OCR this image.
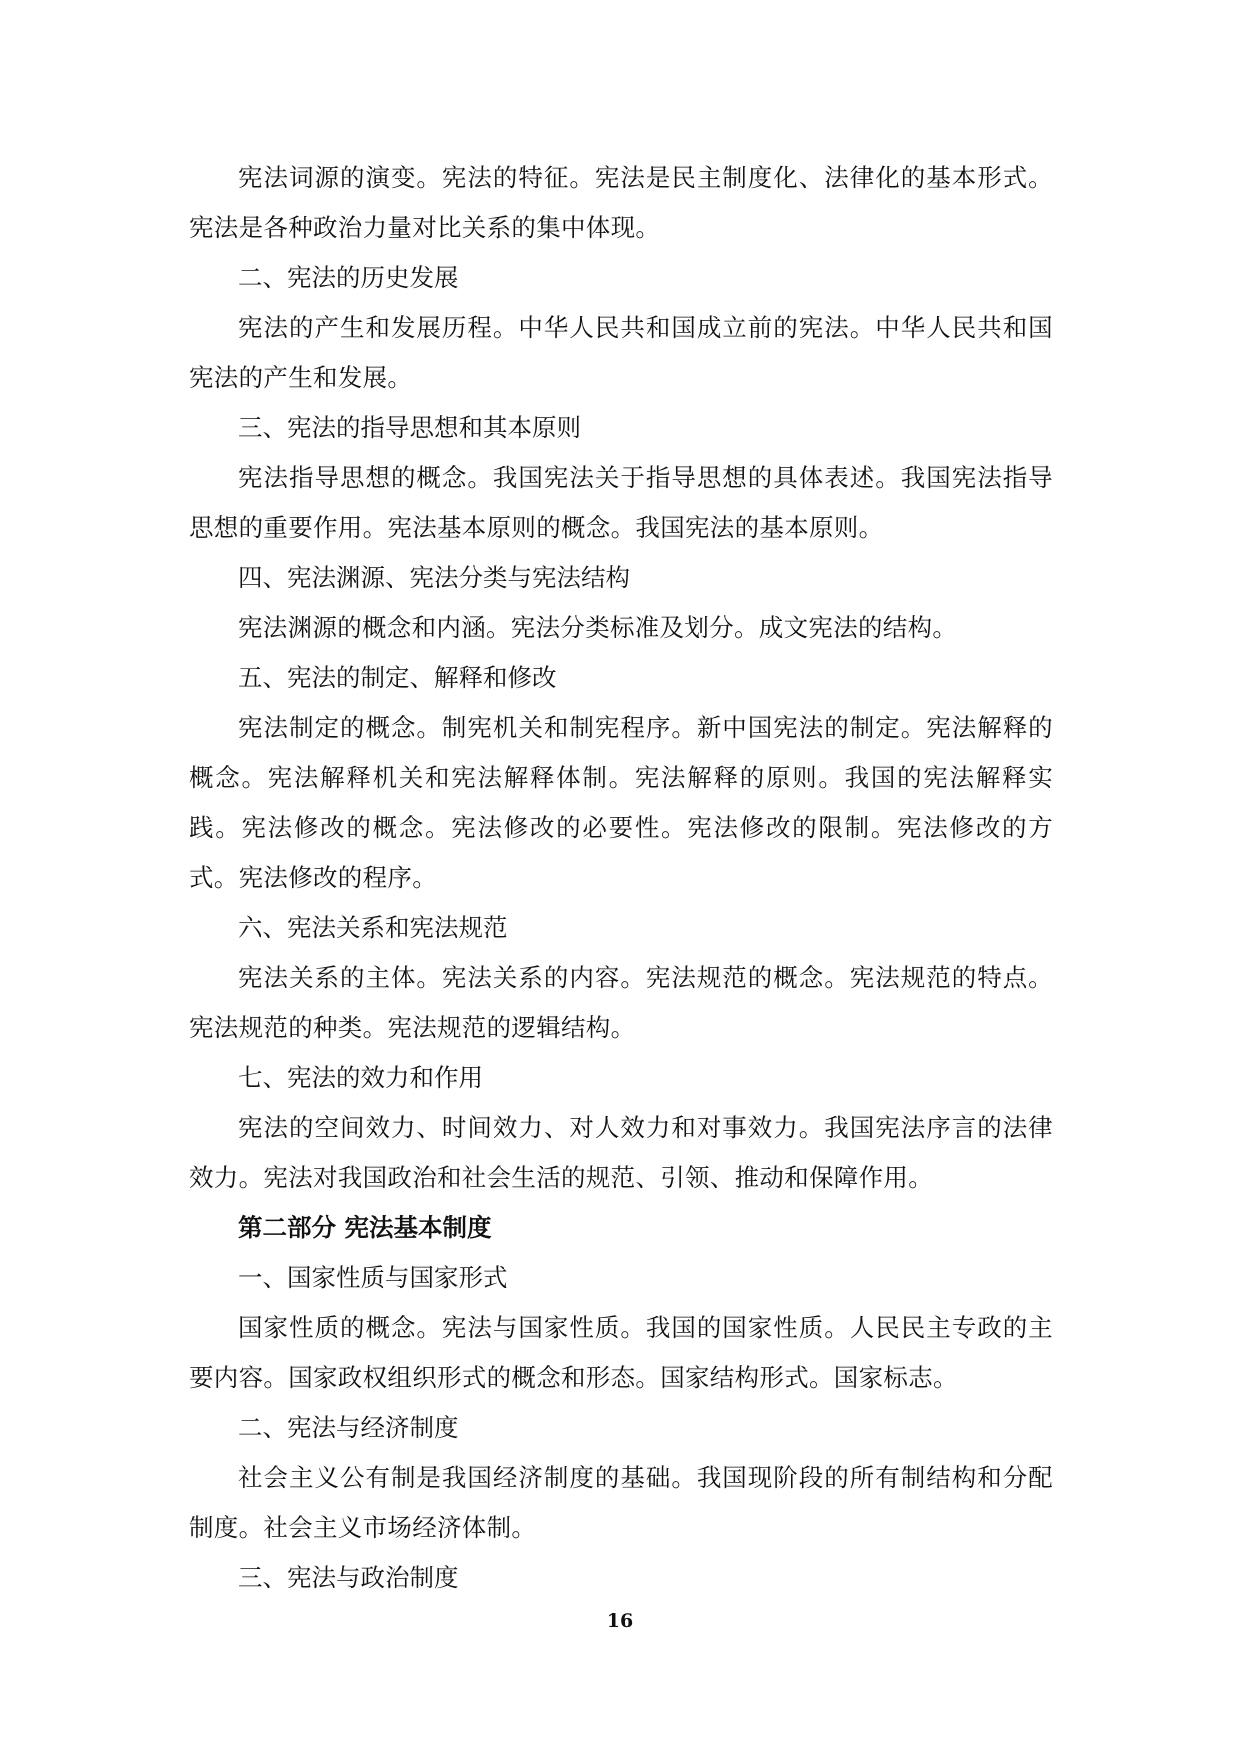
宪法词源的演变。宪法的特征。宪法是民主制度化、法律化的基本形式。宪法是各种政治力量对比关系的集中体现。

二、宪法的历史发展

宪法的产生和发展历程。中华人民共和国成立前的宪法。中华人民共和国宪法的产生和发展。

三、宪法的指导思想和其本原则

宪法指导思想的概念。我国宪法关于指导思想的具体表述。我国宪法指导思想的重要作用。宪法基本原则的概念。我国宪法的基本原则。

四、宪法渊源、宪法分类与宪法结构

宪法渊源的概念和内涵。宪法分类标准及划分。成文宪法的结构。

五、宪法的制定、解释和修改

宪法制定的概念。制宪机关和制宪程序。新中国宪法的制定。宪法解释的概念。宪法解释机关和宪法解释体制。宪法解释的原则。我国的宪法解释实践。宪法修改的概念。宪法修改的必要性。宪法修改的限制。宪法修改的方式。宪法修改的程序。

六、宪法关系和宪法规范

宪法关系的主体。宪法关系的内容。宪法规范的概念。宪法规范的特点。宪法规范的种类。宪法规范的逻辑结构。

七、宪法的效力和作用

宪法的空间效力、时间效力、对人效力和对事效力。我国宪法序言的法律效力。宪法对我国政治和社会生活的规范、引领、推动和保障作用。

第二部分 宪法基本制度

一、国家性质与国家形式

国家性质的概念。宪法与国家性质。我国的国家性质。人民民主专政的主要内容。国家政权组织形式的概念和形态。国家结构形式。国家标志。

二、宪法与经济制度

社会主义公有制是我国经济制度的基础。我国现阶段的所有制结构和分配制度。社会主义市场经济体制。

三、宪法与政治制度

16
